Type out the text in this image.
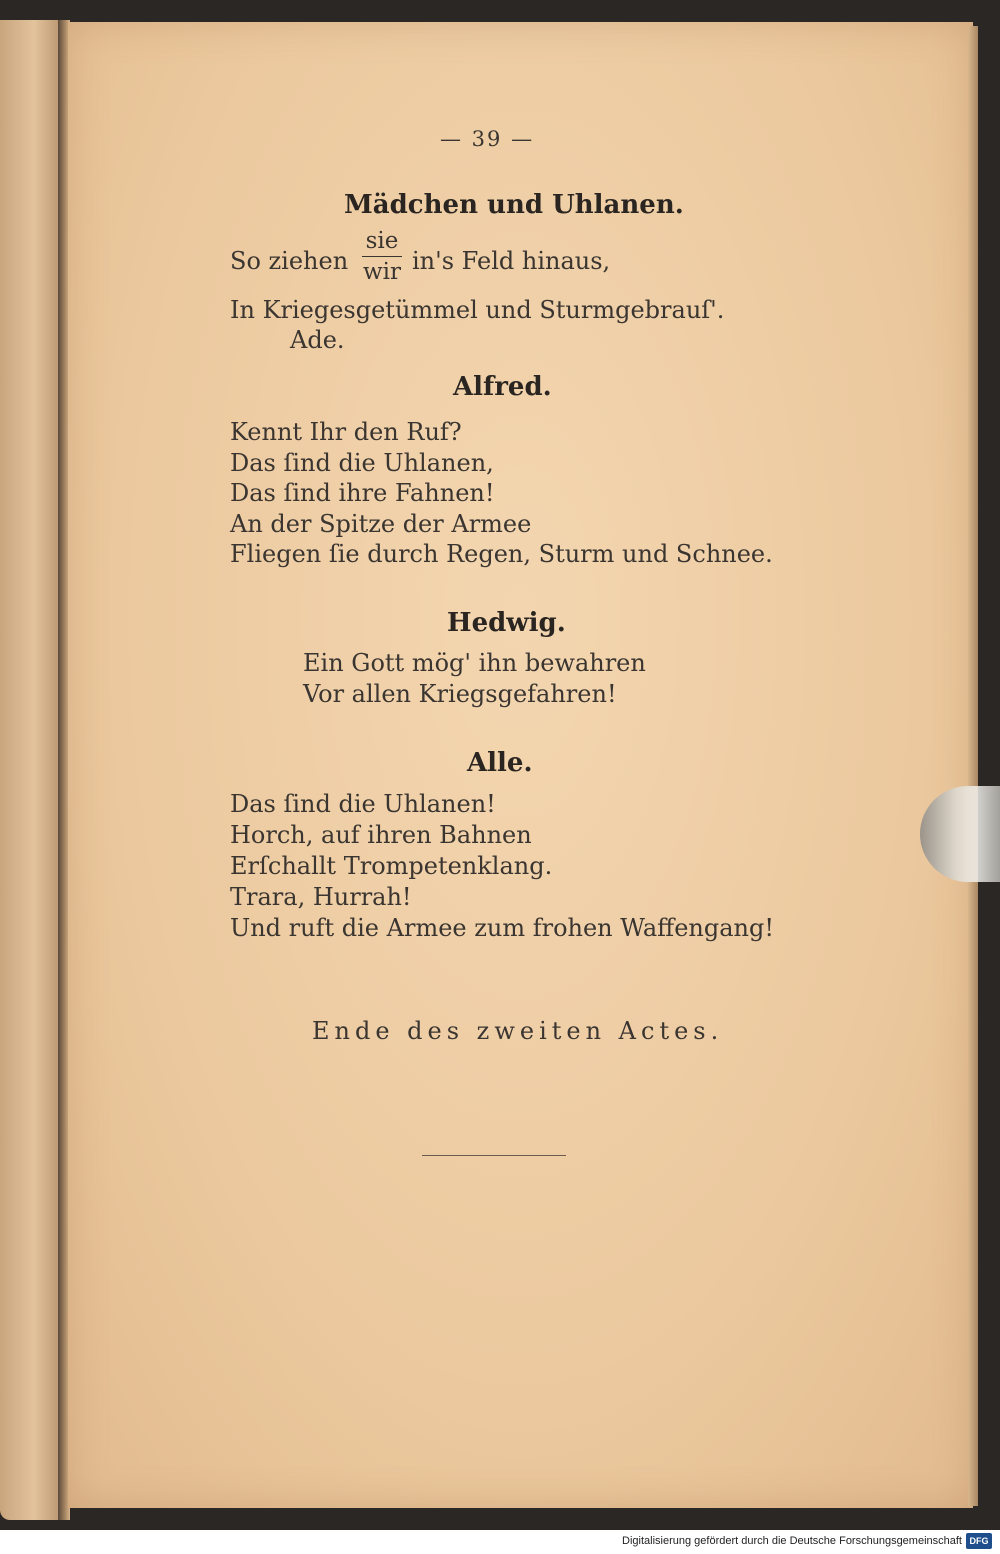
— 39 —
Mädchen und Uhlanen.
So ziehen
sie
wir in's Feld hinaus,
In Kriegesgetümmel und Sturmgebrauſ'.
Ade.
Alfred.
Kennt Ihr den Ruf?
Das ſind die Uhlanen,
Das ſind ihre Fahnen!
An der Spitze der Armee
Fliegen ſie durch Regen, Sturm und Schnee.
Hedwig.
Ein Gott mög' ihn bewahren
Vor allen Kriegsgefahren!
Alle.
Das ſind die Uhlanen!
Horch, auf ihren Bahnen
Erſchallt Trompetenklang.
Trara, Hurrah!
Und ruft die Armee zum frohen Waffengang!
Ende des zweiten Actes.
Digitalisierung gefördert durch die Deutsche Forschungsgemeinschaft DFG
